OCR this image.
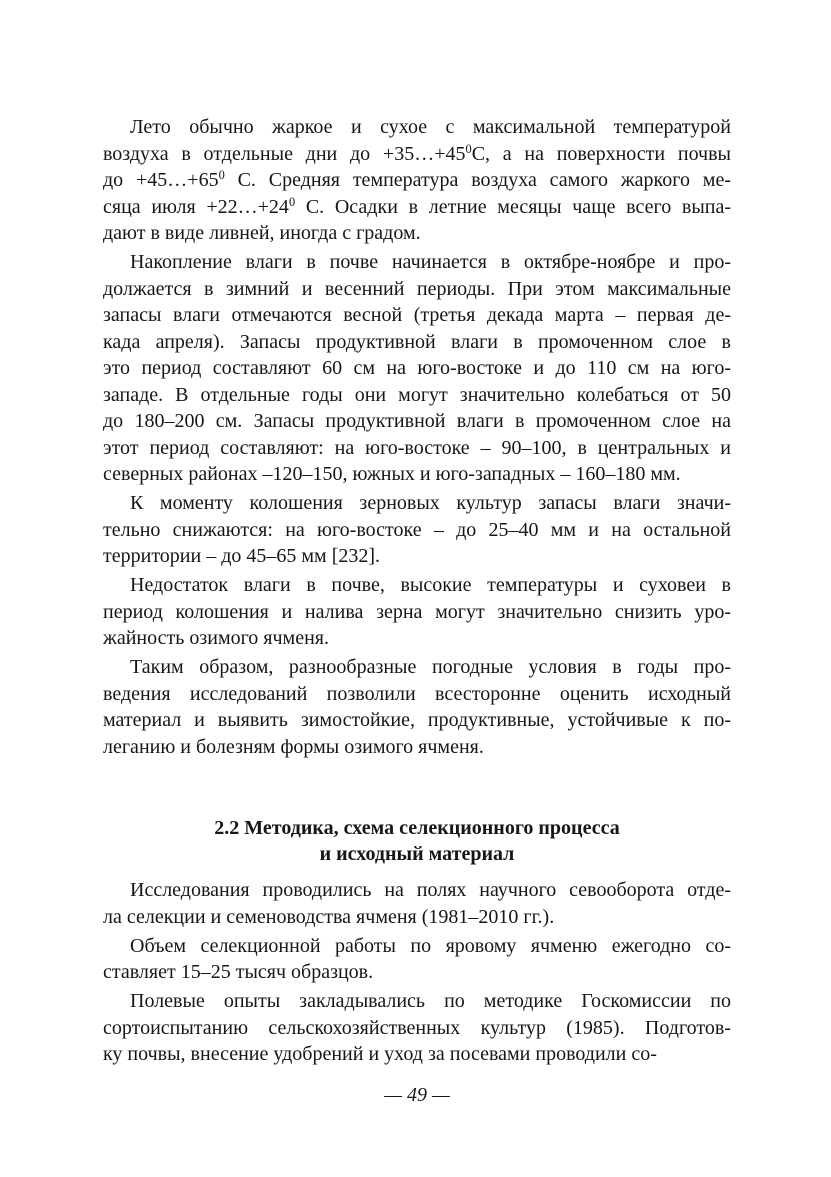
Лето обычно жаркое и сухое с максимальной температурой
воздуха в отдельные дни до $+35\dots+45^0С$, а на поверхности почвы
до $+45\dots+65^0$ С. Средняя температура воздуха самого жаркого ме-
сяца июля $+22\dots+24^0$ С. Осадки в летние месяцы чаще всего выпа-
дают в виде ливней, иногда с градом.
Накопление влаги в почве начинается в октябре-ноябре и про-
должается в зимний и весенний периоды. При этом максимальные
запасы влаги отмечаются весной (третья декада марта – первая де-
када апреля). Запасы продуктивной влаги в промоченном слое в
это период составляют 60 см на юго-востоке и до 110 см на юго-
западе. В отдельные годы они могут значительно колебаться от 50
до 180–200 см. Запасы продуктивной влаги в промоченном слое на
этот период составляют: на юго-востоке – 90–100, в центральных и
северных районах –120–150, южных и юго-западных – 160–180 мм.
К моменту колошения зерновых культур запасы влаги значи-
тельно снижаются: на юго-востоке – до 25–40 мм и на остальной
территории – до 45–65 мм [232].
Недостаток влаги в почве, высокие температуры и суховеи в
период колошения и налива зерна могут значительно снизить уро-
жайность озимого ячменя.
Таким образом, разнообразные погодные условия в годы про-
ведения исследований позволили всесторонне оценить исходный
материал и выявить зимостойкие, продуктивные, устойчивые к по-
леганию и болезням формы озимого ячменя.
2.2 Методика, схема селекционного процесса
и исходный материал
Исследования проводились на полях научного севооборота отде-
ла селекции и семеноводства ячменя (1981–2010 гг.).
Объем селекционной работы по яровому ячменю ежегодно со-
ставляет 15–25 тысяч образцов.
Полевые опыты закладывались по методике Госкомиссии по
сортоиспытанию сельскохозяйственных культур (1985). Подготов-
ку почвы, внесение удобрений и уход за посевами проводили со-
— 49 —
